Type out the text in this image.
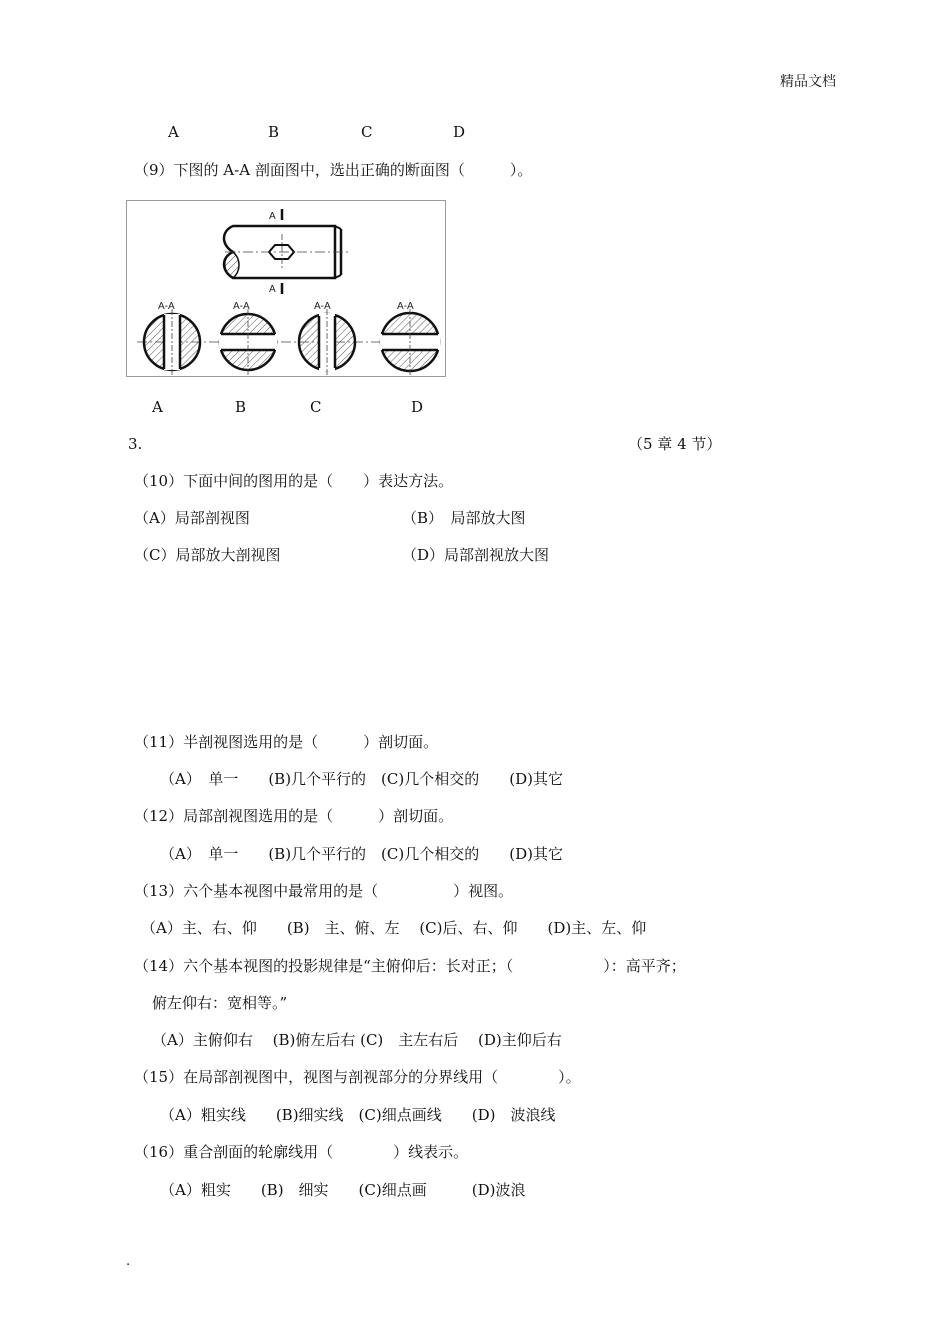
精品文档
A	B	C	D
（9）下图的 A-A 剖面图中，选出正确的断面图（　　　）。
A
A
A-A	A-A	A-A	A-A
A	B	C	D
3.	（5 章 4 节）
（10）下面中间的图用的是（　　）表达方法。
（A）局部剖视图	（B）　局部放大图
（C）局部放大剖视图	（D）局部剖视放大图
（11）半剖视图选用的是（　　　）剖切面。
（A）　单一　　(B)几个平行的　(C)几个相交的　　(D)其它
（12）局部剖视图选用的是（　　　）剖切面。
（A）　单一　　(B)几个平行的　(C)几个相交的　　(D)其它
（13）六个基本视图中最常用的是（　　　　　）视图。
（A）主、右、仰　　(B)　主、俯、左　 (C)后、右、仰　　(D)主、左、仰
（14）六个基本视图的投影规律是“主俯仰后：长对正；（　　　　　　）：高平齐；
俯左仰右：宽相等。”
（A）主俯仰右　 (B)俯左后右 (C)　主左右后　 (D)主仰后右
（15）在局部剖视图中，视图与剖视部分的分界线用（　　　　）。
（A）粗实线　　(B)细实线　(C)细点画线　　(D)　波浪线
（16）重合剖面的轮廓线用（　　　　）线表示。
（A）粗实　　(B)　细实　　(C)细点画　　　(D)波浪
.
